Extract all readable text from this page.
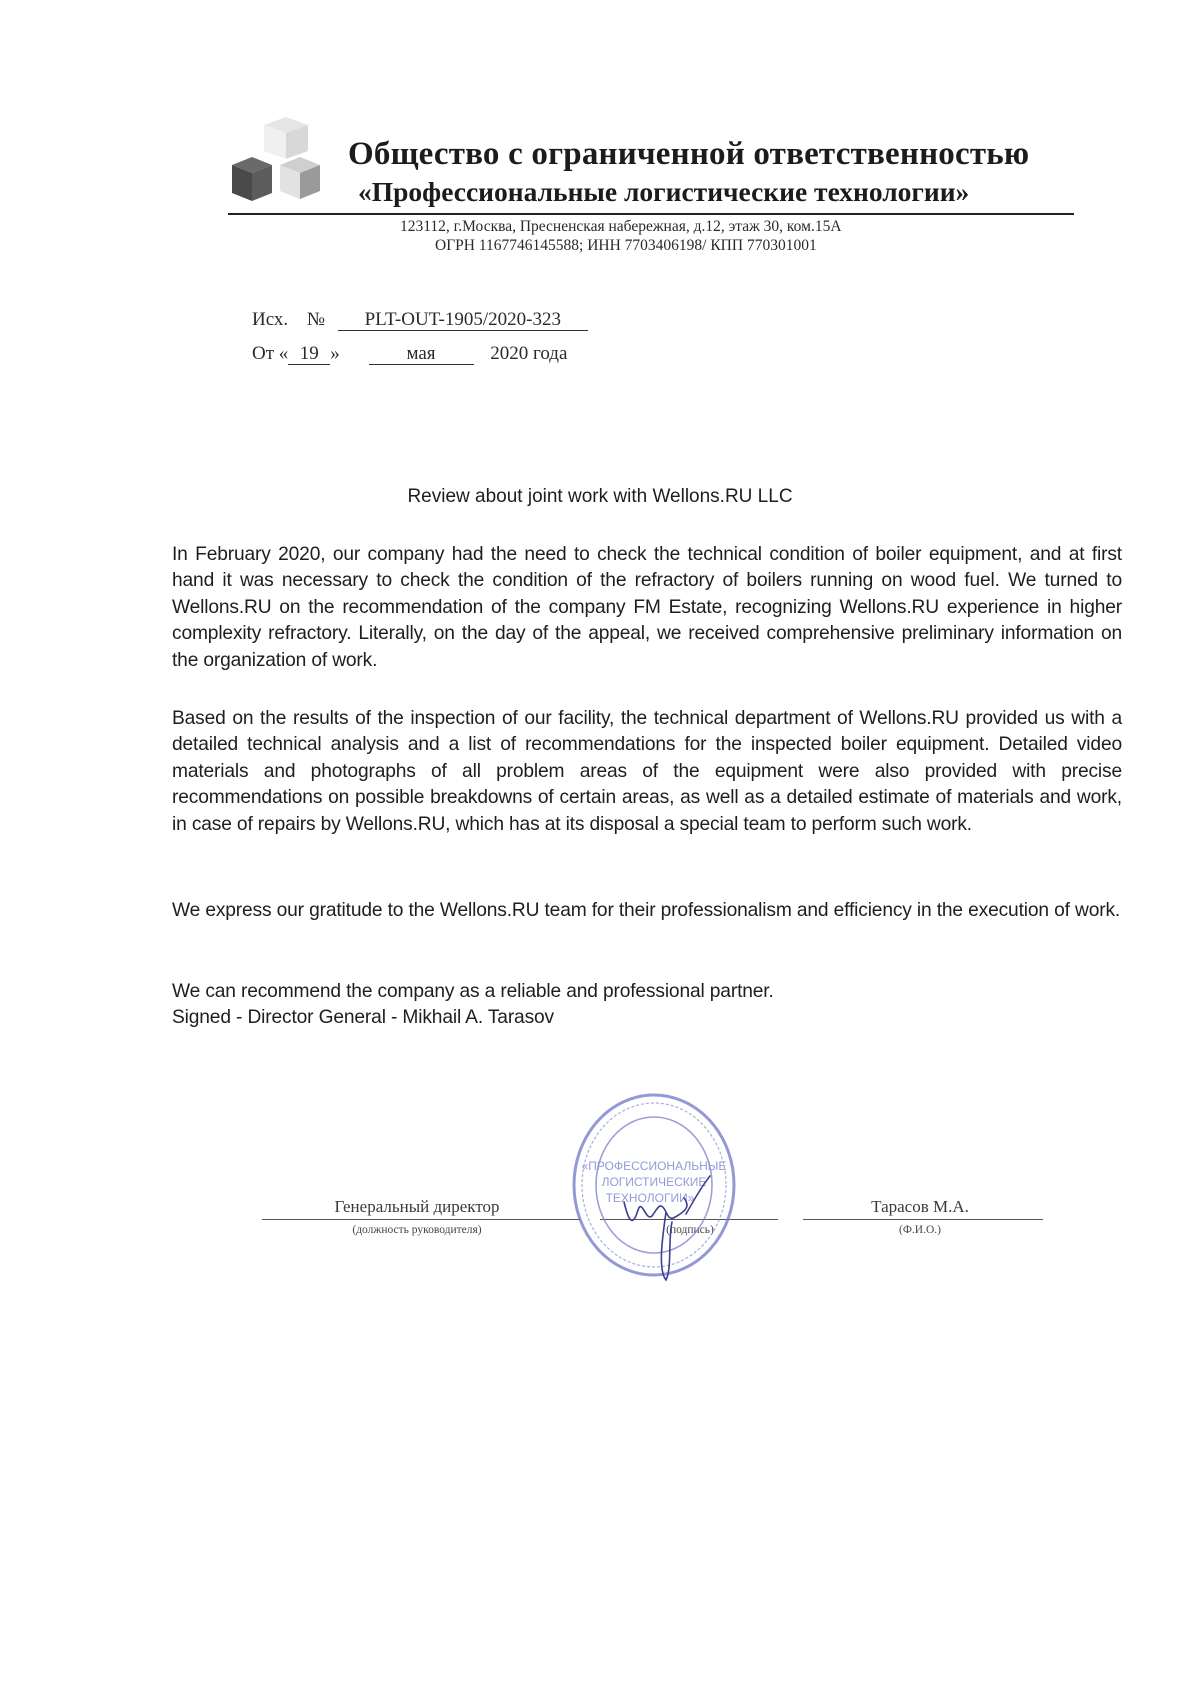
Общество с ограниченной ответственностью
«Профессиональные логистические технологии»
123112, г.Москва, Пресненская набережная, д.12, этаж 30, ком.15А
ОГРН 1167746145588; ИНН 7703406198/ КПП 770301001
Исх. № PLT-OUT-1905/2020-323
От « 19 »	мая	2020 года
Review about joint work with Wellons.RU LLC
In February 2020, our company had the need to check the technical condition of boiler equipment, and at first hand it was necessary to check the condition of the refractory of boilers running on wood fuel. We turned to Wellons.RU on the recommendation of the company FM Estate, recognizing Wellons.RU experience in higher complexity refractory. Literally, on the day of the appeal, we received comprehensive preliminary information on the organization of work.
Based on the results of the inspection of our facility, the technical department of Wellons.RU provided us with a detailed technical analysis and a list of recommendations for the inspected boiler equipment. Detailed video materials and photographs of all problem areas of the equipment were also provided with precise recommendations on possible breakdowns of certain areas, as well as a detailed estimate of materials and work, in case of repairs by Wellons.RU, which has at its disposal a special team to perform such work.
We express our gratitude to the Wellons.RU team for their professionalism and efficiency in the execution of work.
We can recommend the company as a reliable and professional partner.
Signed - Director General - Mikhail A. Tarasov
Генеральный директор
(должность руководителя)	(подпись)
Тарасов М.А.
(Ф.И.О.)
«ПРОФЕССИОНАЛЬНЫЕ
ЛОГИСТИЧЕСКИЕ
ТЕХНОЛОГИИ»
